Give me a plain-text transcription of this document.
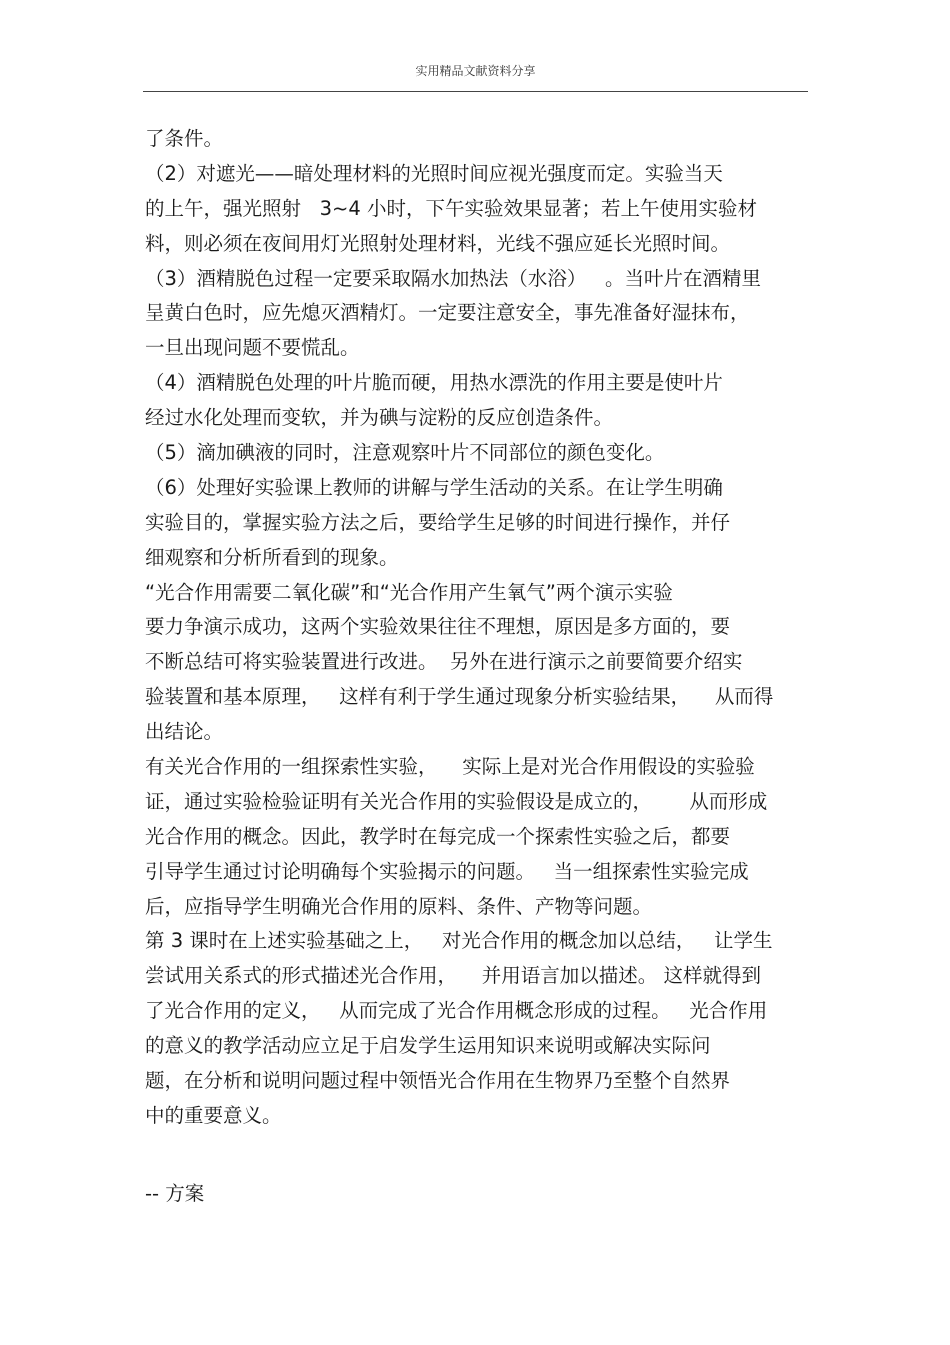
实用精品文献资料分享
了条件。
（2）对遮光——暗处理材料的光照时间应视光强度而定。实验当天
的上午，强光照射   3~4 小时，下午实验效果显著；若上午使用实验材
料，则必须在夜间用灯光照射处理材料，光线不强应延长光照时间。
（3）酒精脱色过程一定要采取隔水加热法（水浴）   。当叶片在酒精里
呈黄白色时，应先熄灭酒精灯。一定要注意安全，事先准备好湿抹布，
一旦出现问题不要慌乱。
（4）酒精脱色处理的叶片脆而硬，用热水漂洗的作用主要是使叶片
经过水化处理而变软，并为碘与淀粉的反应创造条件。
（5）滴加碘液的同时，注意观察叶片不同部位的颜色变化。
（6）处理好实验课上教师的讲解与学生活动的关系。在让学生明确
实验目的，掌握实验方法之后，要给学生足够的时间进行操作，并仔
细观察和分析所看到的现象。
“光合作用需要二氧化碳”和“光合作用产生氧气”两个演示实验
要力争演示成功，这两个实验效果往往不理想，原因是多方面的，要
不断总结可将实验装置进行改进。  另外在进行演示之前要简要介绍实
验装置和基本原理，   这样有利于学生通过现象分析实验结果，    从而得
出结论。
有关光合作用的一组探索性实验，    实际上是对光合作用假设的实验验
证，通过实验检验证明有关光合作用的实验假设是成立的，      从而形成
光合作用的概念。因此，教学时在每完成一个探索性实验之后，都要
引导学生通过讨论明确每个实验揭示的问题。   当一组探索性实验完成
后，应指导学生明确光合作用的原料、条件、产物等问题。
第 3 课时在上述实验基础之上，   对光合作用的概念加以总结，   让学生
尝试用关系式的形式描述光合作用，    并用语言加以描述。 这样就得到
了光合作用的定义，   从而完成了光合作用概念形成的过程。   光合作用
的意义的教学活动应立足于启发学生运用知识来说明或解决实际问
题，在分析和说明问题过程中领悟光合作用在生物界乃至整个自然界
中的重要意义。
-- 方案
